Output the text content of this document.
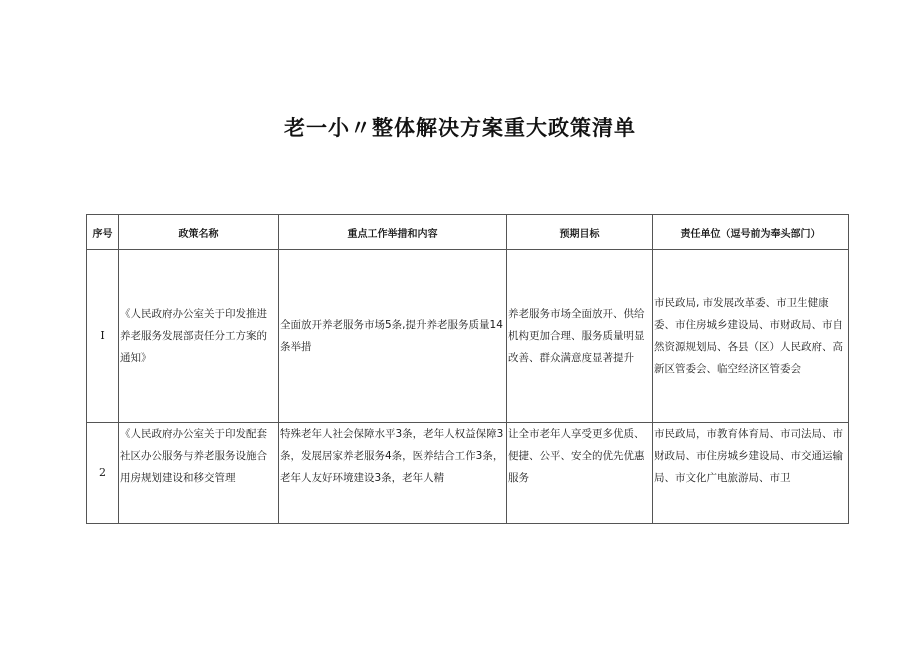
老一小〃整体解决方案重大政策清单
序号	政策名称	重点工作举措和内容	预期目标	责任单位（逗号前为奉头部门）
I	《人民政府办公室关于印发推进养老服务发展部责任分工方案的通知》	全面放开养老服务市场5条,提升养老服务质量14条举措	养老服务市场全面放开、供给机构更加合理、服务质量明显改善、群众满意度显著提升	市民政局, 市发展改革委、市卫生健康委、市住房城乡建设局、市财政局、市自然资源规划局、各县（区）人民政府、高新区管委会、临空经济区管委会
2	《人民政府办公室关于印发配套社区办公服务与养老服务设施合用房规划建设和移交管理	特殊老年人社会保障水平3条，老年人权益保障3条，发展居家养老服务4条，医养结合工作3条，老年人友好环境建设3条，老年人精	让全市老年人享受更多优质、便捷、公平、安全的优先优惠服务	市民政局，市教育体育局、市司法局、市财政局、市住房城乡建设局、市交通运输局、市文化广电旅游局、市卫
